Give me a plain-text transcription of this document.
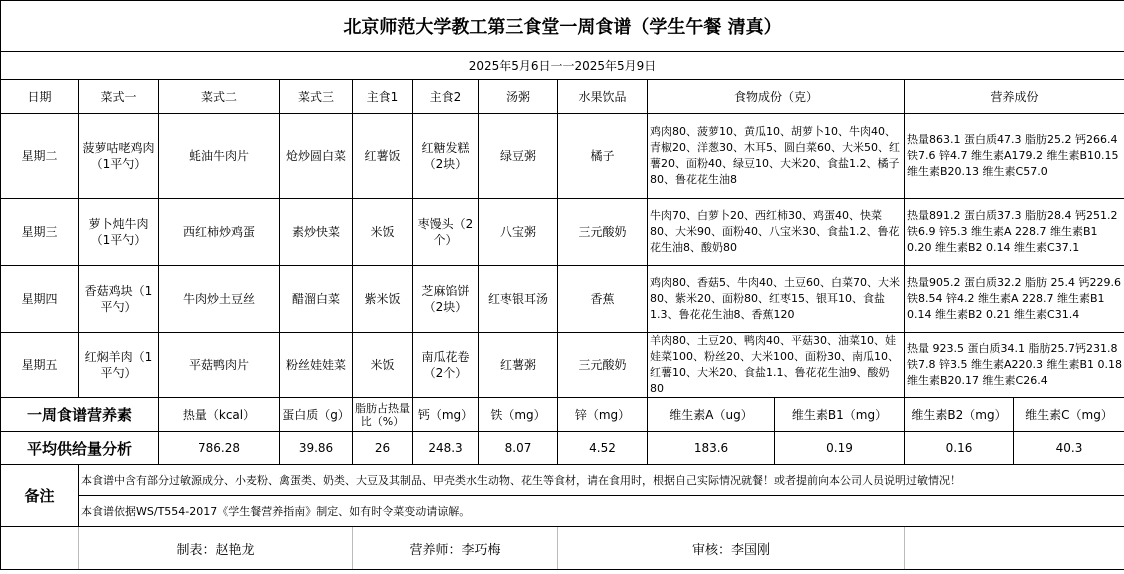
北京师范大学教工第三食堂一周食谱（学生午餐 清真）											
2025年5月6日一一2025年5月9日											
日期	菜式一	菜式二	菜式三	主食1	主食2	汤粥	水果饮品	食物成份（克）		营养成份	
星期二	菠萝咕咾鸡肉（1平勺）	蚝油牛肉片	炝炒圆白菜	红薯饭	红糖发糕（2块）	绿豆粥	橘子	鸡肉80、菠萝10、黄瓜10、胡萝卜10、牛肉40、青椒20、洋葱30、木耳5、圆白菜60、大米50、红薯20、面粉40、绿豆10、大米20、食盐1.2、橘子80、鲁花花生油8		热量863.1 蛋白质47.3 脂肪25.2 钙266.4 铁7.6 锌4.7 维生素A179.2 维生素B10.15 维生素B20.13 维生素C57.0	
星期三	萝卜炖牛肉（1平勺）	西红柿炒鸡蛋	素炒快菜	米饭	枣馒头（2个）	八宝粥	三元酸奶	牛肉70、白萝卜20、西红柿30、鸡蛋40、快菜80、大米90、面粉40、八宝米30、食盐1.2、鲁花花生油8、酸奶80		热量891.2 蛋白质37.3 脂肪28.4 钙251.2 铁6.9 锌5.3 维生素A 228.7 维生素B1 0.20 维生素B2 0.14 维生素C37.1	
星期四	香菇鸡块（1平勺）	牛肉炒土豆丝	醋溜白菜	紫米饭	芝麻馅饼（2块）	红枣银耳汤	香蕉	鸡肉80、香菇5、牛肉40、土豆60、白菜70、大米80、紫米20、面粉80、红枣15、银耳10、食盐1.3、鲁花花生油8、香蕉120		热量905.2 蛋白质32.2 脂肪 25.4 钙229.6 铁8.54 锌4.2 维生素A 228.7 维生素B1 0.14 维生素B2 0.21 维生素C31.4	
星期五	红焖羊肉（1平勺）	平菇鸭肉片	粉丝娃娃菜	米饭	南瓜花卷（2个）	红薯粥	三元酸奶	羊肉80、土豆20、鸭肉40、平菇30、油菜10、娃娃菜100、粉丝20、大米100、面粉30、南瓜10、红薯10、大米20、食盐1.1、鲁花花生油9、酸奶80		热量 923.5 蛋白质34.1 脂肪25.7钙231.8 铁7.8 锌3.5 维生素A220.3 维生素B1 0.18 维生素B20.17 维生素C26.4	
一周食谱营养素		热量（kcal）	蛋白质（g）	脂肪占热量比（%）	钙（mg）	铁（mg）	锌（mg）	维生素A（ug）	维生素B1（mg）	维生素B2（mg）	维生素C（mg）
平均供给量分析		786.28	39.86	26	248.3	8.07	4.52	183.6	0.19	0.16	40.3
备注	本食谱中含有部分过敏源成分、小麦粉、禽蛋类、奶类、大豆及其制品、甲壳类水生动物、花生等食材，请在食用时，根据自己实际情况就餐！或者提前向本公司人员说明过敏情况！										
	本食谱依据WS/T554-2017《学生餐营养指南》制定、如有时令菜变动请谅解。										
	制表：赵艳龙			营养师：李巧梅			审核：李国刚				
